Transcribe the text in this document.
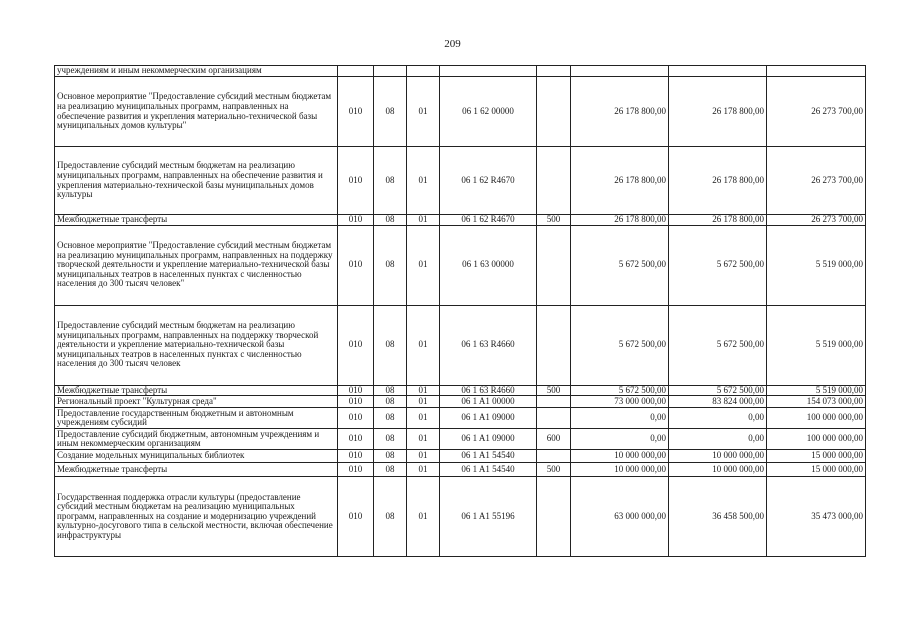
209
учреждениям и иным некоммерческим организациям								
Основное мероприятие "Предоставление субсидий местным бюджетам на реализацию муниципальных программ, направленных на обеспечение развития и укрепления материально-технической базы муниципальных домов культуры"	010	08	01	06 1 62 00000		26 178 800,00	26 178 800,00	26 273 700,00
Предоставление субсидий местным бюджетам на реализацию муниципальных программ, направленных на обеспечение развития и укрепления материально-технической базы муниципальных домов культуры	010	08	01	06 1 62 R4670		26 178 800,00	26 178 800,00	26 273 700,00
Межбюджетные трансферты	010	08	01	06 1 62 R4670	500	26 178 800,00	26 178 800,00	26 273 700,00
Основное мероприятие "Предоставление субсидий местным бюджетам на реализацию муниципальных программ, направленных на поддержку творческой деятельности и укрепление материально-технической базы муниципальных театров в населенных пунктах с численностью населения до 300 тысяч человек"	010	08	01	06 1 63 00000		5 672 500,00	5 672 500,00	5 519 000,00
Предоставление субсидий местным бюджетам на реализацию муниципальных программ, направленных на поддержку творческой деятельности и укрепление материально-технической базы муниципальных театров в населенных пунктах с численностью населения до 300 тысяч человек	010	08	01	06 1 63 R4660		5 672 500,00	5 672 500,00	5 519 000,00
Межбюджетные трансферты	010	08	01	06 1 63 R4660	500	5 672 500,00	5 672 500,00	5 519 000,00
Региональный проект "Культурная среда"	010	08	01	06 1 A1 00000		73 000 000,00	83 824 000,00	154 073 000,00
Предоставление государственным бюджетным и автономным учреждениям субсидий	010	08	01	06 1 A1 09000		0,00	0,00	100 000 000,00
Предоставление субсидий бюджетным, автономным учреждениям и иным некоммерческим организациям	010	08	01	06 1 A1 09000	600	0,00	0,00	100 000 000,00
Создание модельных муниципальных библиотек	010	08	01	06 1 A1 54540		10 000 000,00	10 000 000,00	15 000 000,00
Межбюджетные трансферты	010	08	01	06 1 A1 54540	500	10 000 000,00	10 000 000,00	15 000 000,00
Государственная поддержка отрасли культуры (предоставление субсидий местным бюджетам на реализацию муниципальных программ, направленных на создание и модернизацию учреждений культурно-досугового типа в сельской местности, включая обеспечение инфраструктуры	010	08	01	06 1 A1 55196		63 000 000,00	36 458 500,00	35 473 000,00
